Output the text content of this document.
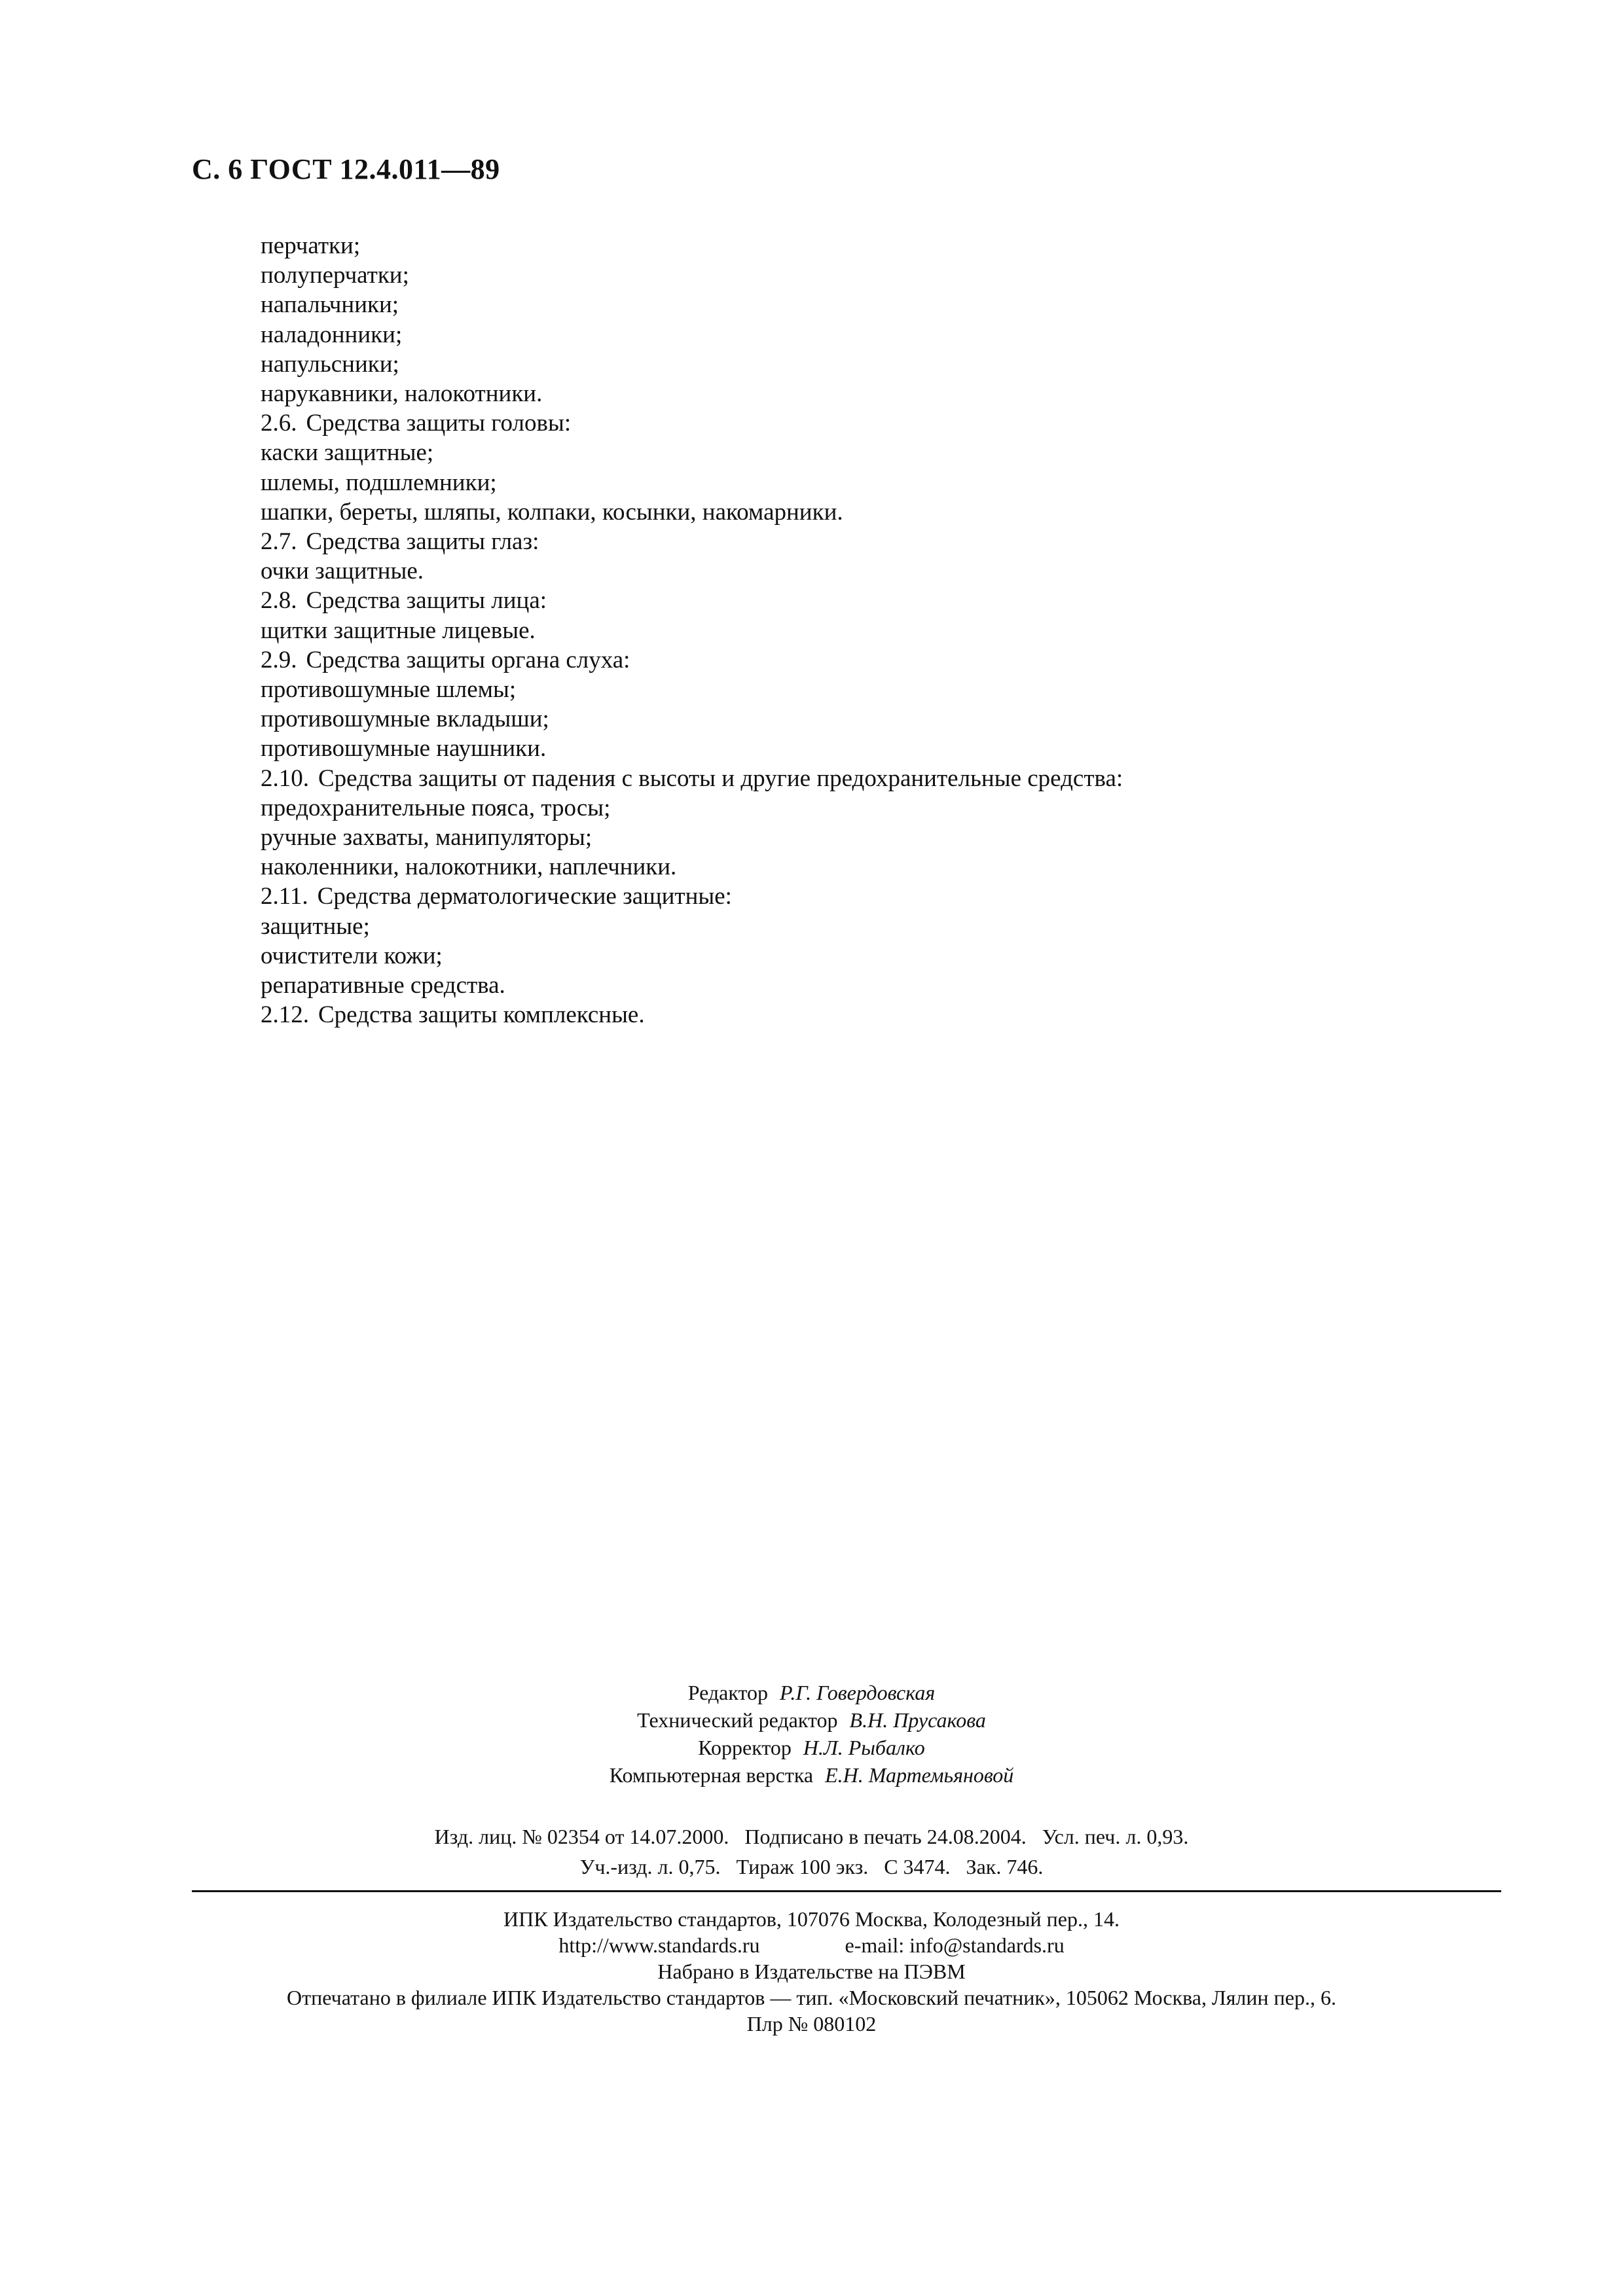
С. 6 ГОСТ 12.4.011—89
перчатки;
полуперчатки;
напальчники;
наладонники;
напульсники;
нарукавники, налокотники.
2.6. Средства защиты головы:
каски защитные;
шлемы, подшлемники;
шапки, береты, шляпы, колпаки, косынки, накомарники.
2.7. Средства защиты глаз:
очки защитные.
2.8. Средства защиты лица:
щитки защитные лицевые.
2.9. Средства защиты органа слуха:
противошумные шлемы;
противошумные вкладыши;
противошумные наушники.
2.10. Средства защиты от падения с высоты и другие предохранительные средства:
предохранительные пояса, тросы;
ручные захваты, манипуляторы;
наколенники, налокотники, наплечники.
2.11. Средства дерматологические защитные:
защитные;
очистители кожи;
репаративные средства.
2.12. Средства защиты комплексные.
Редактор Р.Г. Говердовская
Технический редактор В.Н. Прусакова
Корректор Н.Л. Рыбалко
Компьютерная верстка Е.Н. Мартемьяновой
Изд. лиц. № 02354 от 14.07.2000. Подписано в печать 24.08.2004. Усл. печ. л. 0,93.
Уч.-изд. л. 0,75. Тираж 100 экз. С 3474. Зак. 746.
ИПК Издательство стандартов, 107076 Москва, Колодезный пер., 14.
http://www.standards.ru	e-mail: info@standards.ru
Набрано в Издательстве на ПЭВМ
Отпечатано в филиале ИПК Издательство стандартов — тип. «Московский печатник», 105062 Москва, Лялин пер., 6.
Плр № 080102
